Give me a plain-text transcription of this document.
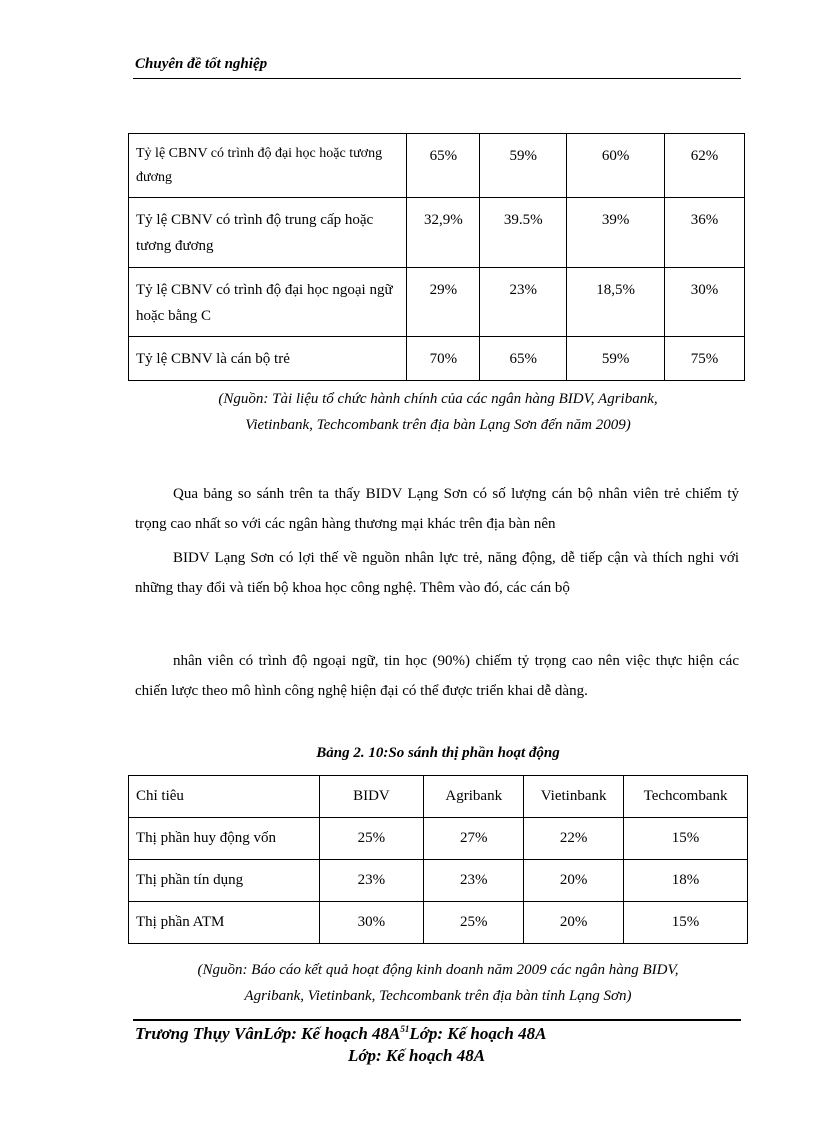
Chuyên đề tốt nghiệp
Tỷ lệ CBNV có trình độ đại học hoặc tương đương	65%	59%	60%	62%
Tỷ lệ CBNV có trình độ trung cấp hoặc tương đương	32,9%	39.5%	39%	36%
Tỷ lệ CBNV có trình độ đại học ngoại ngữ hoặc bằng C	29%	23%	18,5%	30%
Tỷ lệ CBNV là cán bộ trẻ	70%	65%	59%	75%
(Nguồn: Tài liệu tổ chức hành chính của các ngân hàng BIDV, Agribank,
Vietinbank, Techcombank trên địa bàn Lạng Sơn đến năm 2009)
Qua bảng so sánh trên ta thấy BIDV Lạng Sơn có số lượng cán bộ nhân viên trẻ chiếm tỷ trọng cao nhất so với các ngân hàng thương mại khác trên địa bàn nên
BIDV Lạng Sơn có lợi thế về nguồn nhân lực trẻ, năng động, dễ tiếp cận và thích nghi với những thay đổi và tiến bộ khoa học công nghệ. Thêm vào đó, các cán bộ
nhân viên có trình độ ngoại ngữ, tin học (90%) chiếm tỷ trọng cao nên việc thực hiện các chiến lược theo mô hình công nghệ hiện đại có thể được triển khai dễ dàng.
Bảng 2. 10:So sánh thị phần hoạt động
Chỉ tiêu	BIDV	Agribank	Vietinbank	Techcombank
Thị phần huy động vốn	25%	27%	22%	15%
Thị phần tín dụng	23%	23%	20%	18%
Thị phần ATM	30%	25%	20%	15%
(Nguồn: Báo cáo kết quả hoạt động kinh doanh năm 2009 các ngân hàng BIDV,
Agribank, Vietinbank, Techcombank trên địa bàn tỉnh Lạng Sơn)
Trương Thụy VânLớp: Kế hoạch $48A^{51}Lớp$: Kế hoạch 48A
Lớp: Kế hoạch 48A
